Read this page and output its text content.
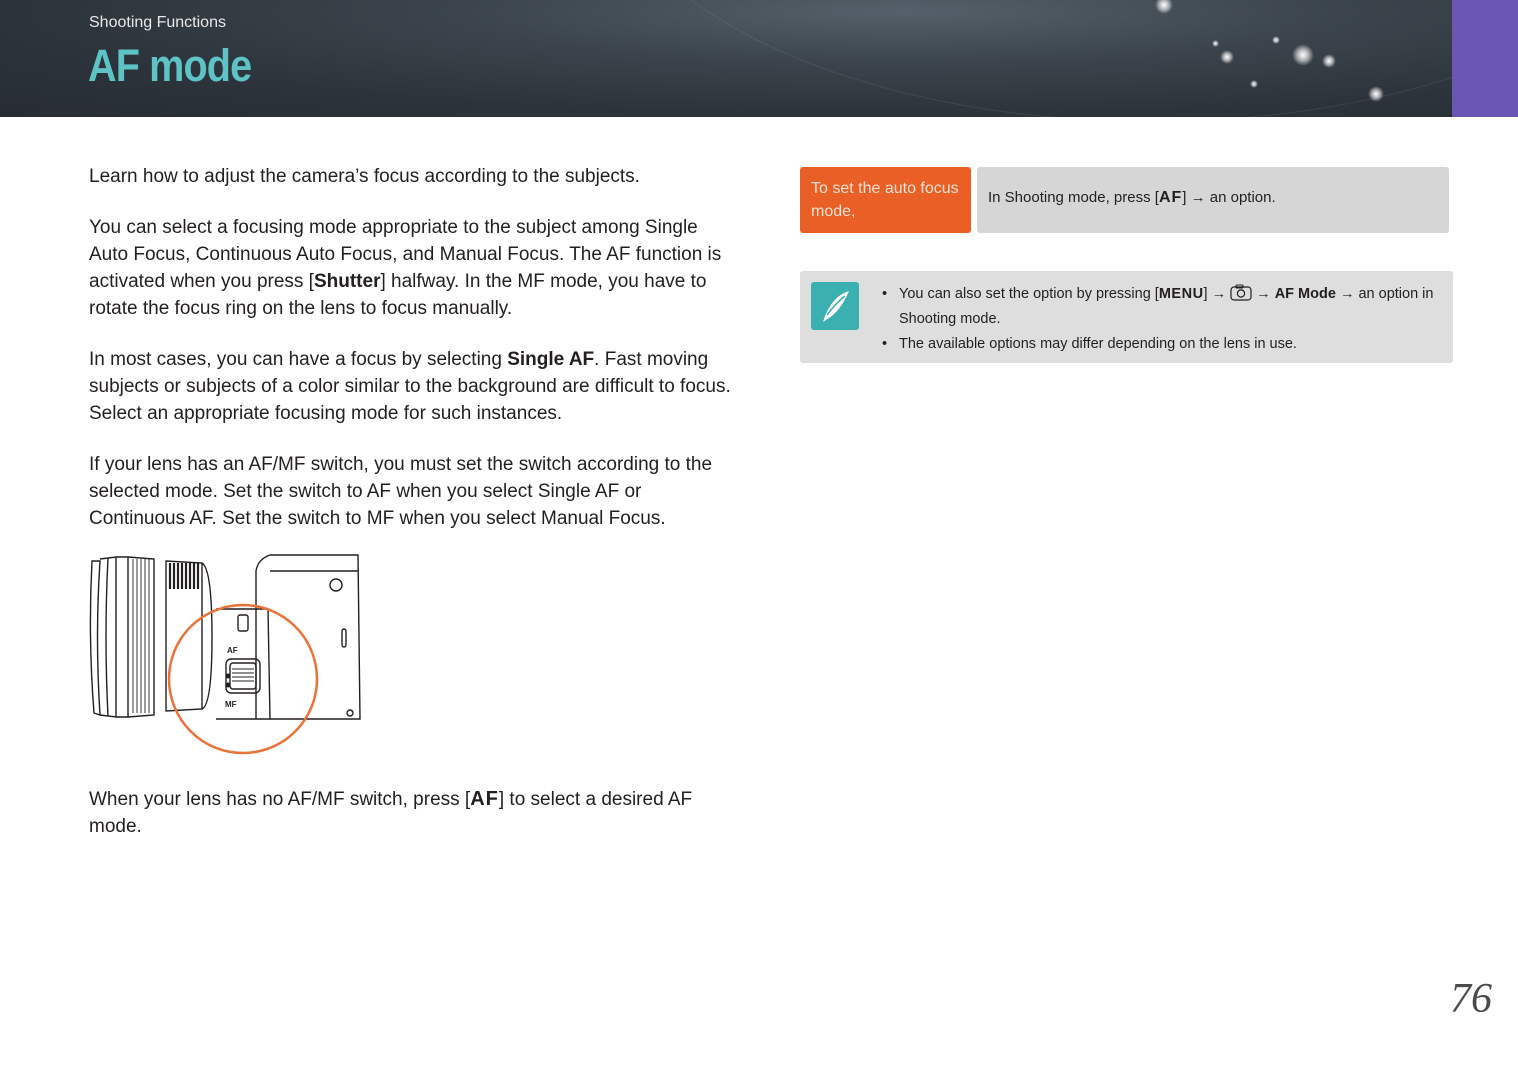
Shooting Functions
AF mode

Learn how to adjust the camera’s focus according to the subjects.

You can select a focusing mode appropriate to the subject among Single Auto Focus, Continuous Auto Focus, and Manual Focus. The AF function is activated when you press [Shutter] halfway. In the MF mode, you have to rotate the focus ring on the lens to focus manually.

In most cases, you can have a focus by selecting Single AF. Fast moving subjects or subjects of a color similar to the background are difficult to focus. Select an appropriate focusing mode for such instances.

If your lens has an AF/MF switch, you must set the switch according to the selected mode. Set the switch to AF when you select Single AF or Continuous AF. Set the switch to MF when you select Manual Focus.

AF
MF
When your lens has no AF/MF switch, press [AF] to select a desired AF mode.
To set the auto focus mode,
In Shooting mode, press [AF] → an option.
• You can also set the option by pressing [MENU] →  → AF Mode → an option in Shooting mode.
• The available options may differ depending on the lens in use.
76
